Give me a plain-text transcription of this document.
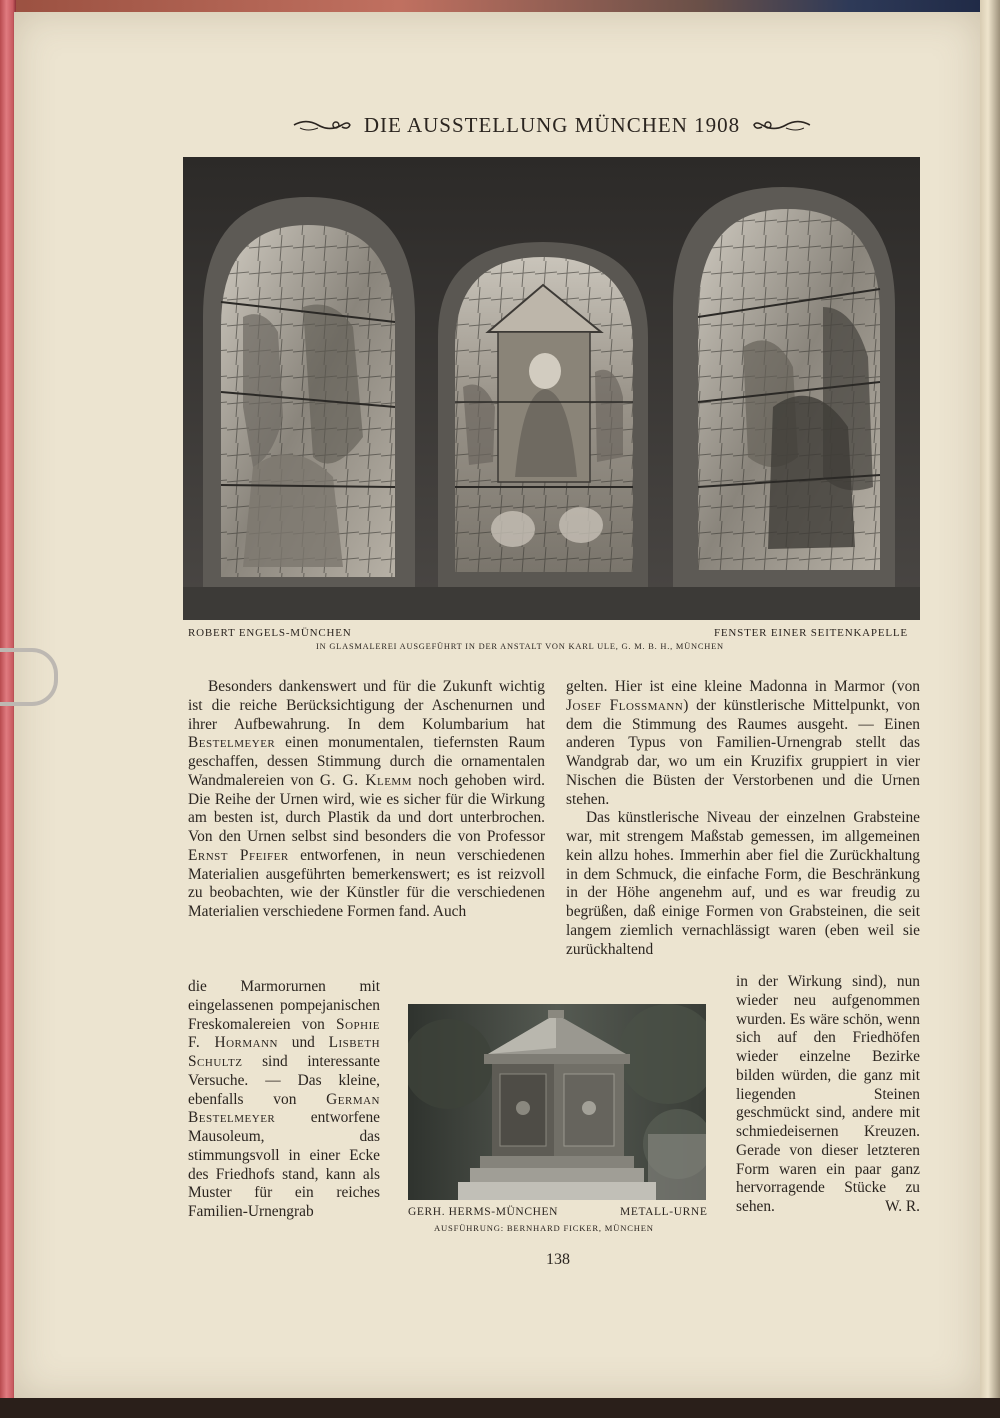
DIE AUSSTELLUNG MÜNCHEN 1908
ROBERT ENGELS-MÜNCHEN	FENSTER EINER SEITENKAPELLE
IN GLASMALEREI AUSGEFÜHRT IN DER ANSTALT VON KARL ULE, G. M. B. H., MÜNCHEN

Besonders dankenswert und für die Zukunft wichtig ist die reiche Berücksichtigung der Aschenurnen und ihrer Aufbewahrung. In dem Kolumbarium hat Bestelmeyer einen monumentalen, tiefernsten Raum geschaffen, dessen Stimmung durch die ornamentalen Wandmalereien von G. G. Klemm noch gehoben wird. Die Reihe der Urnen wird, wie es sicher für die Wirkung am besten ist, durch Plastik da und dort unterbrochen. Von den Urnen selbst sind besonders die von Professor Ernst Pfeifer entworfenen, in neun verschiedenen Materialien ausgeführten bemerkenswert; es ist reizvoll zu beobachten, wie der Künstler für die verschiedenen Materialien verschiedene Formen fand. Auch

die Marmorurnen mit eingelassenen pompejanischen Freskomalereien von Sophie F. Hormann und Lisbeth Schultz sind interessante Versuche. — Das kleine, ebenfalls von German Bestelmeyer entworfene Mausoleum, das stimmungsvoll in einer Ecke des Friedhofs stand, kann als Muster für ein reiches Familien-Urnengrab

gelten. Hier ist eine kleine Madonna in Marmor (von Josef Flossmann) der künstlerische Mittelpunkt, von dem die Stimmung des Raumes ausgeht. — Einen anderen Typus von Familien-Urnengrab stellt das Wandgrab dar, wo um ein Kruzifix gruppiert in vier Nischen die Büsten der Verstorbenen und die Urnen stehen.

Das künstlerische Niveau der einzelnen Grabsteine war, mit strengem Maßstab gemessen, im allgemeinen kein allzu hohes. Immerhin aber fiel die Zurückhaltung in dem Schmuck, die einfache Form, die Beschränkung in der Höhe angenehm auf, und es war freudig zu begrüßen, daß einige Formen von Grabsteinen, die seit langem ziemlich vernachlässigt waren (eben weil sie zurückhaltend

in der Wirkung sind), nun wieder neu aufgenommen wurden. Es wäre schön, wenn sich auf den Friedhöfen wieder einzelne Bezirke bilden würden, die ganz mit liegenden Steinen geschmückt sind, andere mit schmiedeisernen Kreuzen. Gerade von dieser letzteren Form waren ein paar ganz hervorragende Stücke zu sehen.	W. R.

GERH. HERMS-MÜNCHEN	METALL-URNE
AUSFÜHRUNG: BERNHARD FICKER, MÜNCHEN
138
